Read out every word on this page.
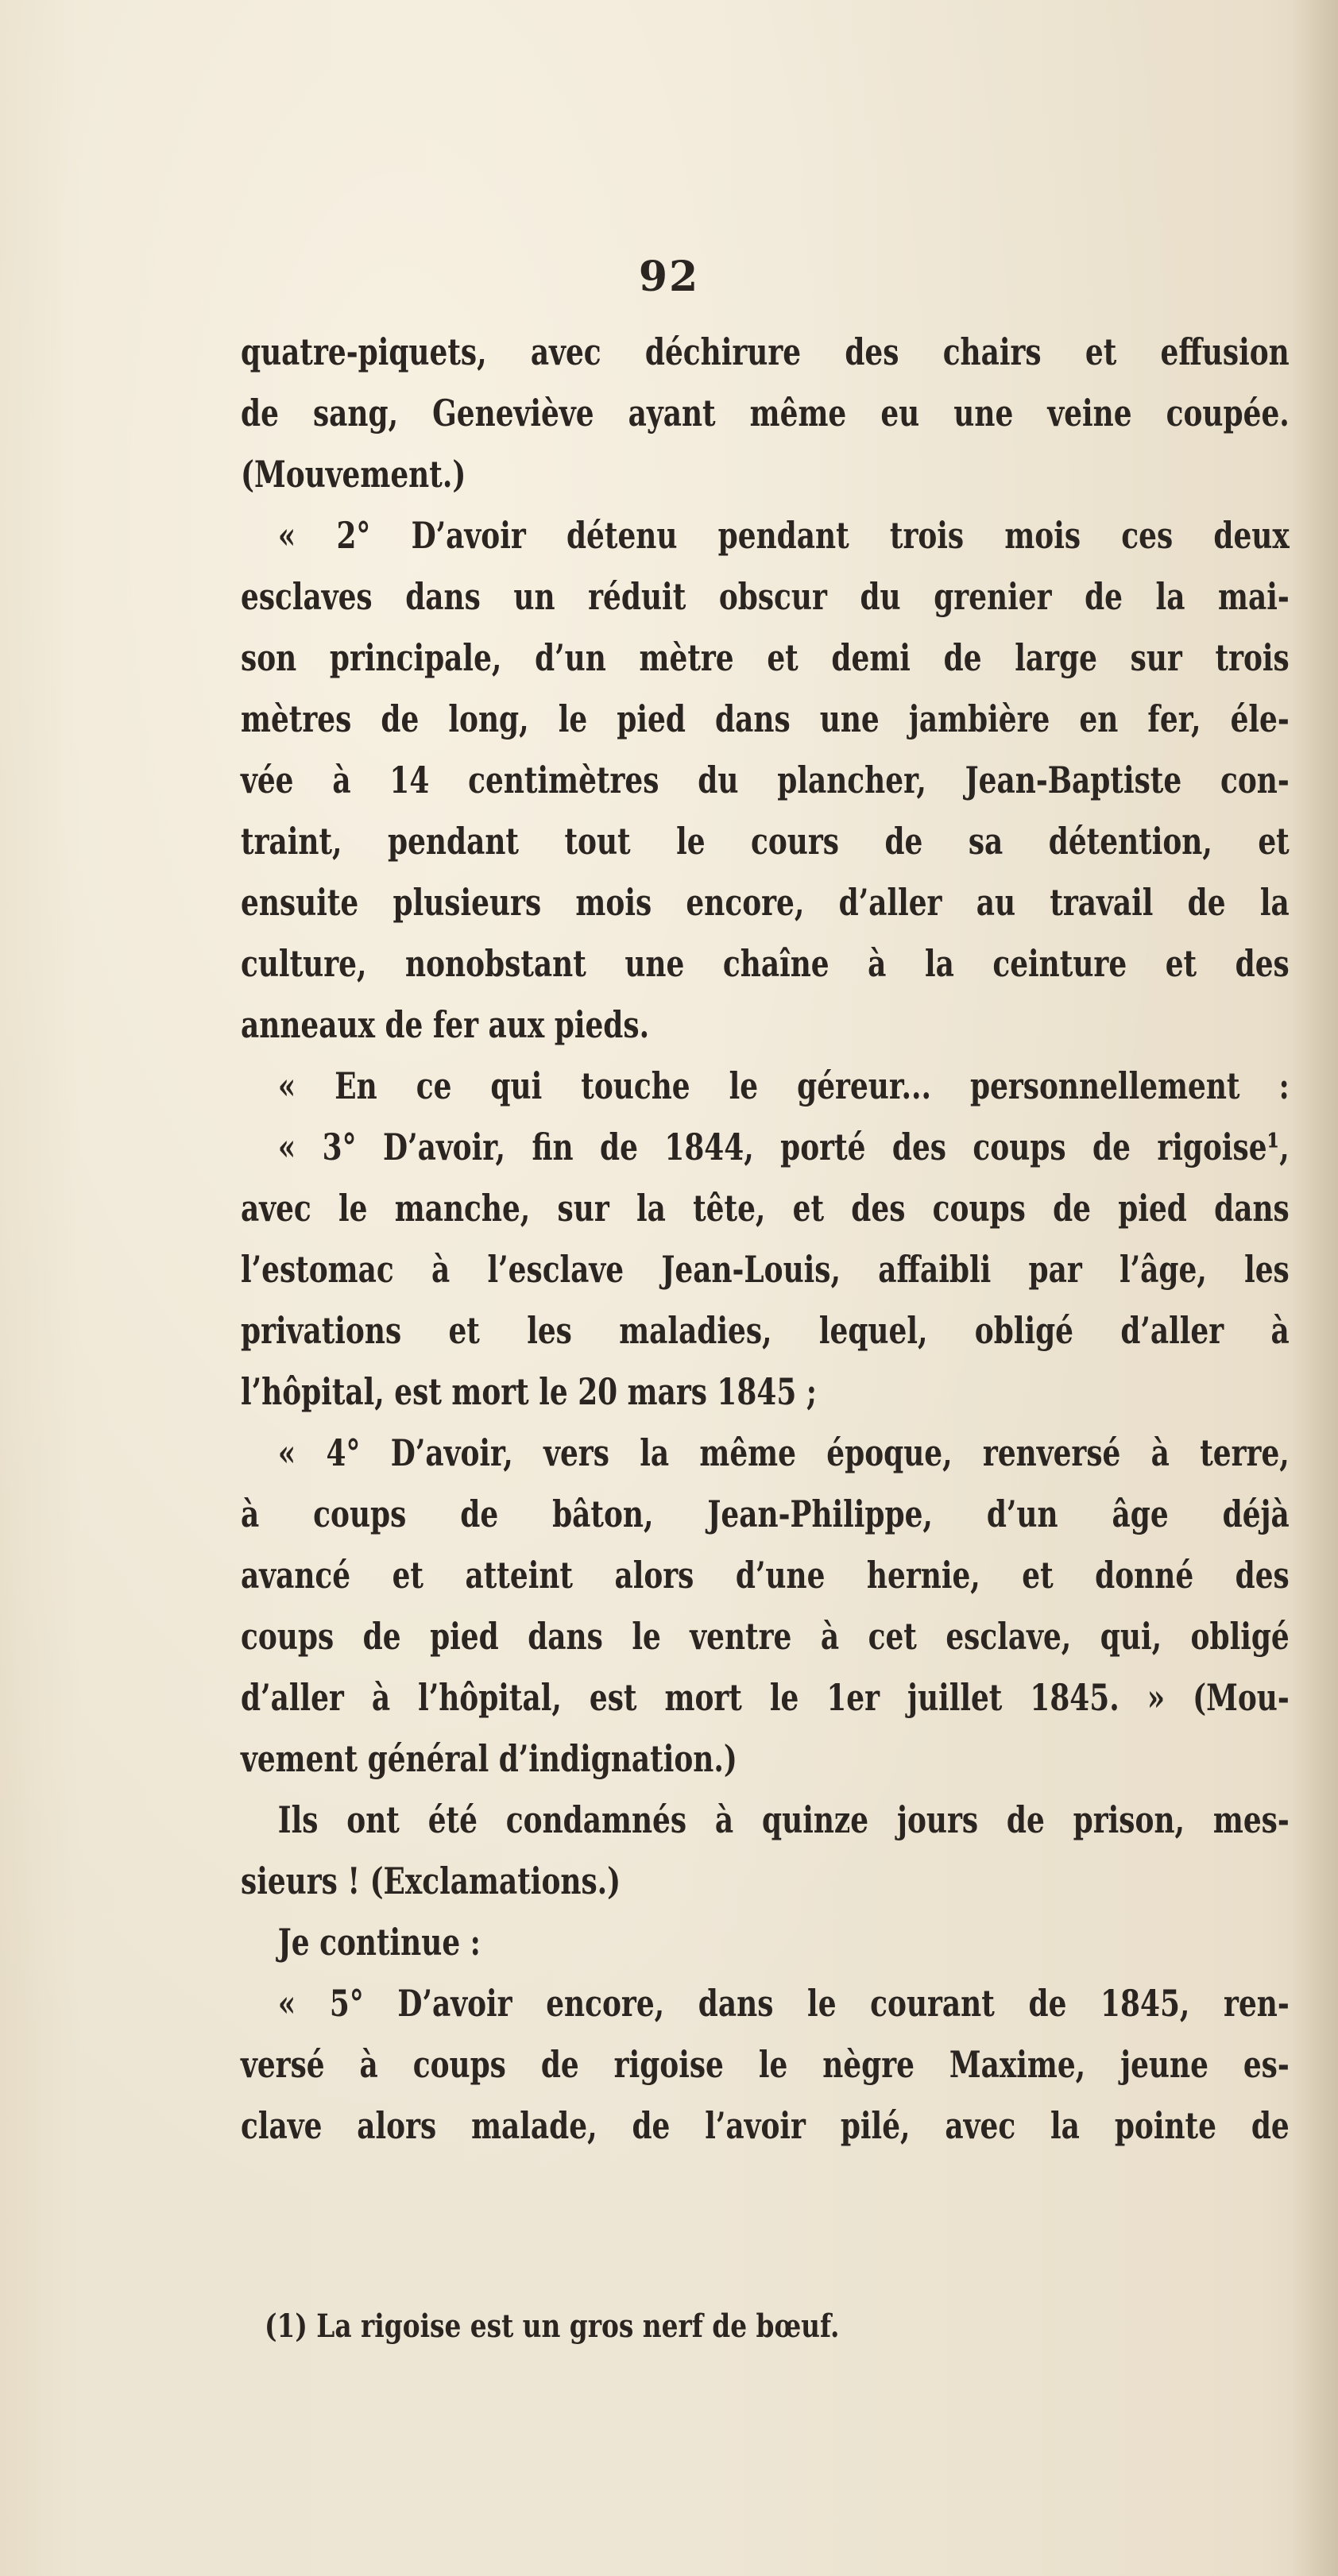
92
quatre-piquets, avec déchirure des chairs et effusion
de sang, Geneviève ayant même eu une veine coupée.
(Mouvement.)
« 2° D’avoir détenu pendant trois mois ces deux
esclaves dans un réduit obscur du grenier de la mai-
son principale, d’un mètre et demi de large sur trois
mètres de long, le pied dans une jambière en fer, éle-
vée à 14 centimètres du plancher, Jean-Baptiste con-
traint, pendant tout le cours de sa détention, et
ensuite plusieurs mois encore, d’aller au travail de la
culture, nonobstant une chaîne à la ceinture et des
anneaux de fer aux pieds.
« En ce qui touche le géreur... personnellement :
« 3° D’avoir, fin de 1844, porté des coups de rigoise¹,
avec le manche, sur la tête, et des coups de pied dans
l’estomac à l’esclave Jean-Louis, affaibli par l’âge, les
privations et les maladies, lequel, obligé d’aller à
l’hôpital, est mort le 20 mars 1845 ;
« 4° D’avoir, vers la même époque, renversé à terre,
à coups de bâton, Jean-Philippe, d’un âge déjà
avancé et atteint alors d’une hernie, et donné des
coups de pied dans le ventre à cet esclave, qui, obligé
d’aller à l’hôpital, est mort le 1er juillet 1845. » (Mou-
vement général d’indignation.)
Ils ont été condamnés à quinze jours de prison, mes-
sieurs ! (Exclamations.)
Je continue :
« 5° D’avoir encore, dans le courant de 1845, ren-
versé à coups de rigoise le nègre Maxime, jeune es-
clave alors malade, de l’avoir pilé, avec la pointe de
(1) La rigoise est un gros nerf de bœuf.
